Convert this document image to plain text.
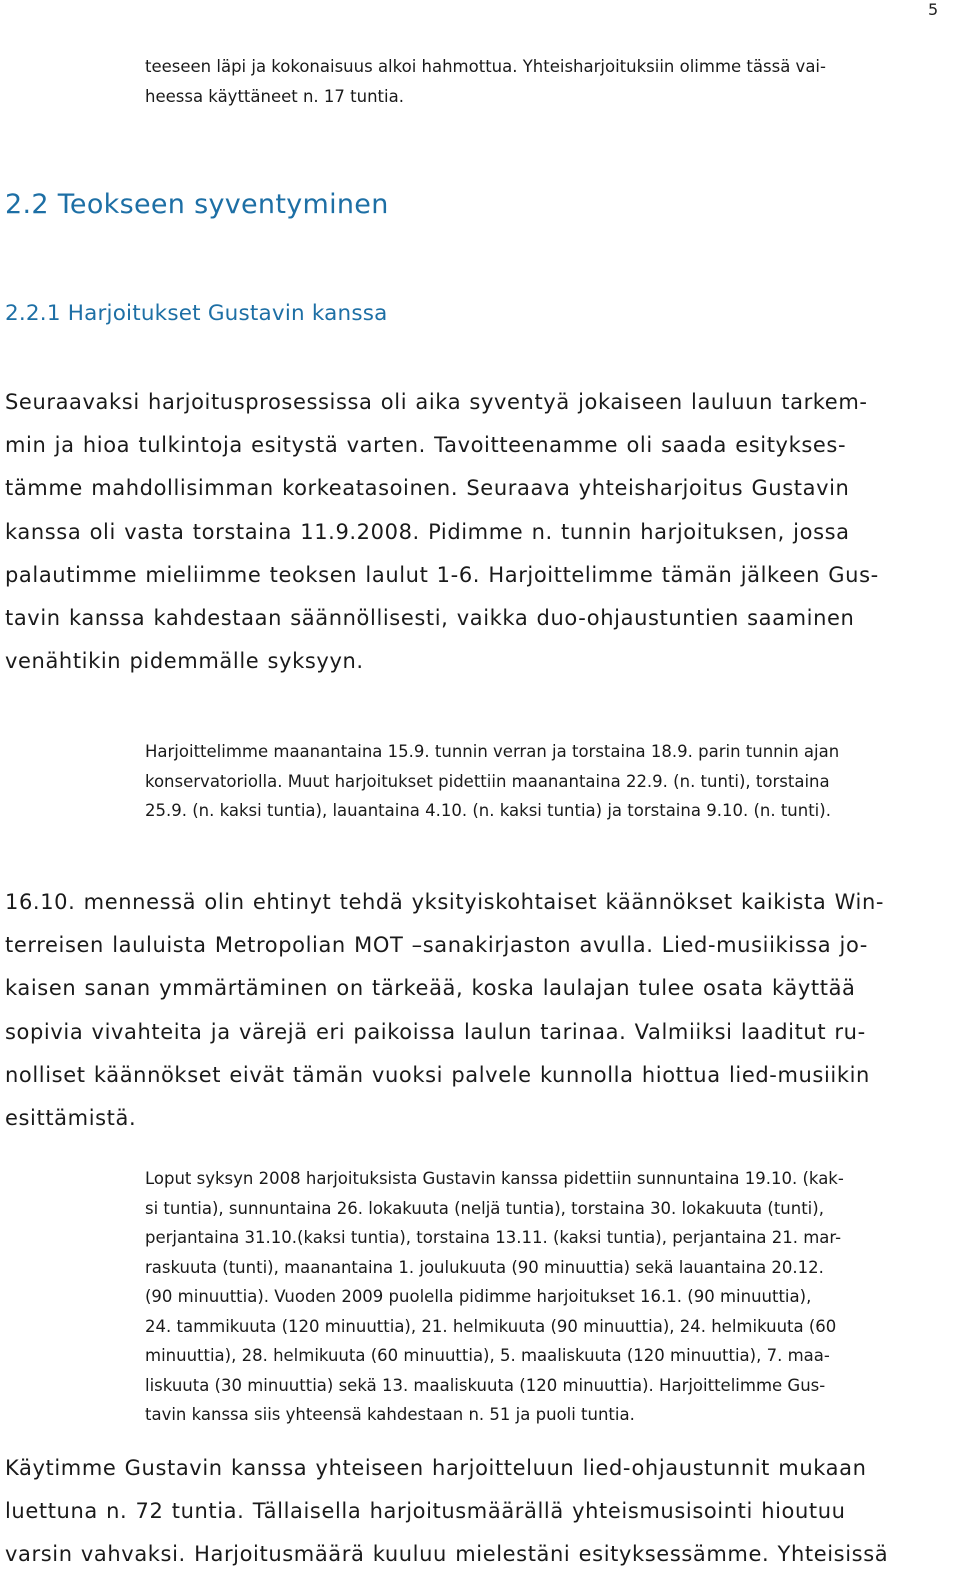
5
teeseen läpi ja kokonaisuus alkoi hahmottua. Yhteisharjoituksiin olimme tässä vai-
heessa käyttäneet n. 17 tuntia.
2.2 Teokseen syventyminen
2.2.1 Harjoitukset Gustavin kanssa
Seuraavaksi harjoitusprosessissa oli aika syventyä jokaiseen lauluun tarkem-
min ja hioa tulkintoja esitystä varten. Tavoitteenamme oli saada esitykses-
tämme mahdollisimman korkeatasoinen. Seuraava yhteisharjoitus Gustavin
kanssa oli vasta torstaina 11.9.2008. Pidimme n. tunnin harjoituksen, jossa
palautimme mieliimme teoksen laulut 1-6. Harjoittelimme tämän jälkeen Gus-
tavin kanssa kahdestaan säännöllisesti, vaikka duo-ohjaustuntien saaminen
venähtikin pidemmälle syksyyn.
Harjoittelimme maanantaina 15.9. tunnin verran ja torstaina 18.9. parin tunnin ajan
konservatoriolla. Muut harjoitukset pidettiin maanantaina 22.9. (n. tunti), torstaina
25.9. (n. kaksi tuntia), lauantaina 4.10. (n. kaksi tuntia) ja torstaina 9.10. (n. tunti).
16.10. mennessä olin ehtinyt tehdä yksityiskohtaiset käännökset kaikista Win-
terreisen lauluista Metropolian MOT –sanakirjaston avulla. Lied-musiikissa jo-
kaisen sanan ymmärtäminen on tärkeää, koska laulajan tulee osata käyttää
sopivia vivahteita ja värejä eri paikoissa laulun tarinaa. Valmiiksi laaditut ru-
nolliset käännökset eivät tämän vuoksi palvele kunnolla hiottua lied-musiikin
esittämistä.
Loput syksyn 2008 harjoituksista Gustavin kanssa pidettiin sunnuntaina 19.10. (kak-
si tuntia), sunnuntaina 26. lokakuuta (neljä tuntia), torstaina 30. lokakuuta (tunti),
perjantaina 31.10.(kaksi tuntia), torstaina 13.11. (kaksi tuntia), perjantaina 21. mar-
raskuuta (tunti), maanantaina 1. joulukuuta (90 minuuttia) sekä lauantaina 20.12.
(90 minuuttia). Vuoden 2009 puolella pidimme harjoitukset 16.1. (90 minuuttia),
24. tammikuuta (120 minuuttia), 21. helmikuuta (90 minuuttia), 24. helmikuuta (60
minuuttia), 28. helmikuuta (60 minuuttia), 5. maaliskuuta (120 minuuttia), 7. maa-
liskuuta (30 minuuttia) sekä 13. maaliskuuta (120 minuuttia). Harjoittelimme Gus-
tavin kanssa siis yhteensä kahdestaan n. 51 ja puoli tuntia.
Käytimme Gustavin kanssa yhteiseen harjoitteluun lied-ohjaustunnit mukaan
luettuna n. 72 tuntia. Tällaisella harjoitusmäärällä yhteismusisointi hioutuu
varsin vahvaksi. Harjoitusmäärä kuuluu mielestäni esityksessämme. Yhteisissä
